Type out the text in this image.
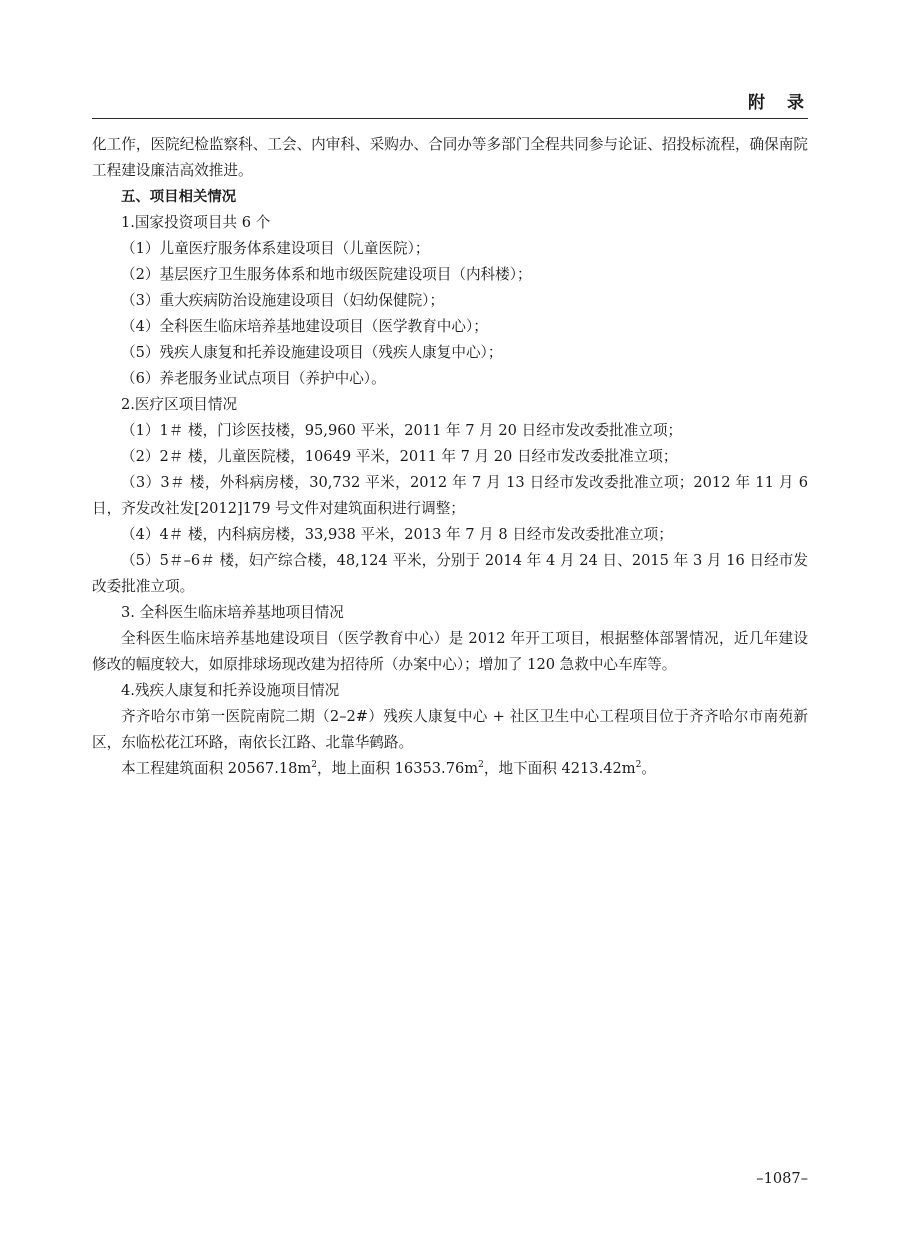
附录

化工作，医院纪检监察科、工会、内审科、采购办、合同办等多部门全程共同参与论证、招投标流程，确保南院工程建设廉洁高效推进。

五、项目相关情况

1.国家投资项目共 6 个

（1）儿童医疗服务体系建设项目（儿童医院）；

（2）基层医疗卫生服务体系和地市级医院建设项目（内科楼）；

（3）重大疾病防治设施建设项目（妇幼保健院）；

（4）全科医生临床培养基地建设项目（医学教育中心）；

（5）残疾人康复和托养设施建设项目（残疾人康复中心）；

（6）养老服务业试点项目（养护中心）。

2.医疗区项目情况

（1）1＃ 楼，门诊医技楼，95,960 平米，2011 年 7 月 20 日经市发改委批准立项；

（2）2＃ 楼，儿童医院楼，10649 平米，2011 年 7 月 20 日经市发改委批准立项；

（3）3＃ 楼，外科病房楼，30,732 平米，2012 年 7 月 13 日经市发改委批准立项；2012 年 11 月 6 日，齐发改社发[2012]179 号文件对建筑面积进行调整；

（4）4＃ 楼，内科病房楼，33,938 平米，2013 年 7 月 8 日经市发改委批准立项；

（5）5＃–6＃ 楼，妇产综合楼，48,124 平米，分别于 2014 年 4 月 24 日、2015 年 3 月 16 日经市发改委批准立项。

3. 全科医生临床培养基地项目情况

全科医生临床培养基地建设项目（医学教育中心）是 2012 年开工项目，根据整体部署情况，近几年建设修改的幅度较大，如原排球场现改建为招待所（办案中心）；增加了 120 急救中心车库等。

4.残疾人康复和托养设施项目情况

齐齐哈尔市第一医院南院二期（2–2#）残疾人康复中心 + 社区卫生中心工程项目位于齐齐哈尔市南苑新区，东临松花江环路，南依长江路、北靠华鹤路。

本工程建筑面积 $20567.18m^2$，地上面积 $16353.76m^2$，地下面积 $4213.42m^2$。

–1087–
